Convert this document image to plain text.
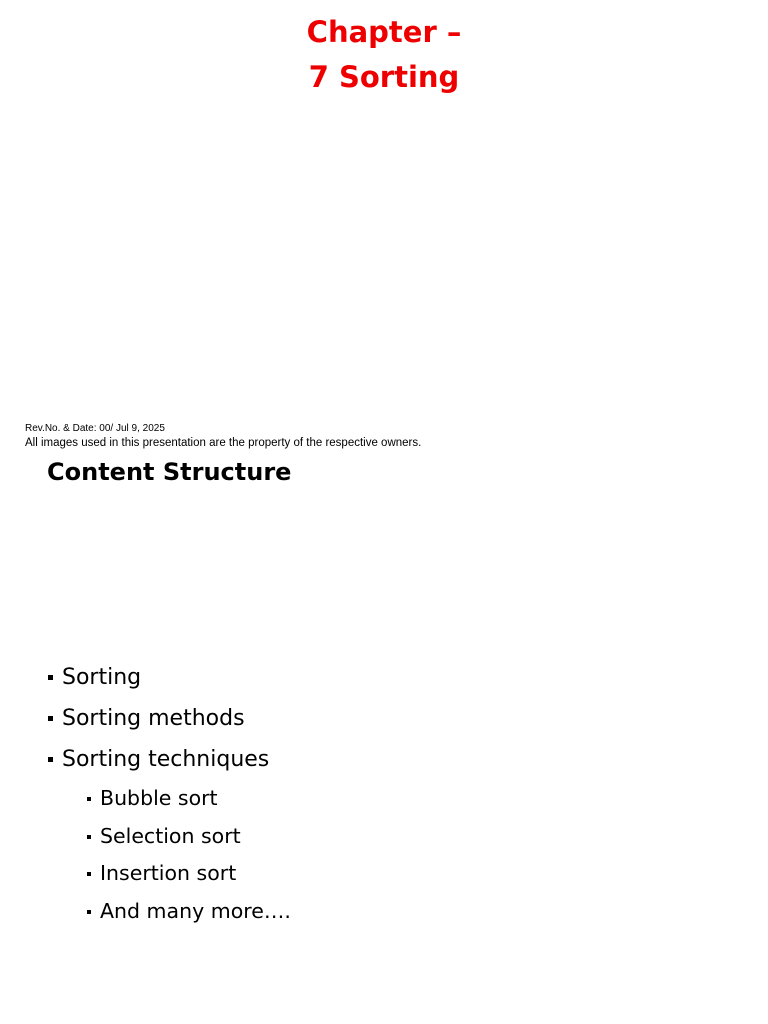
Chapter –
7 Sorting
Rev.No. & Date: 00/ Jul 9, 2025
All images used in this presentation are the property of the respective owners.
Content Structure
Sorting
Sorting methods
Sorting techniques
Bubble sort
Selection sort
Insertion sort
And many more….
